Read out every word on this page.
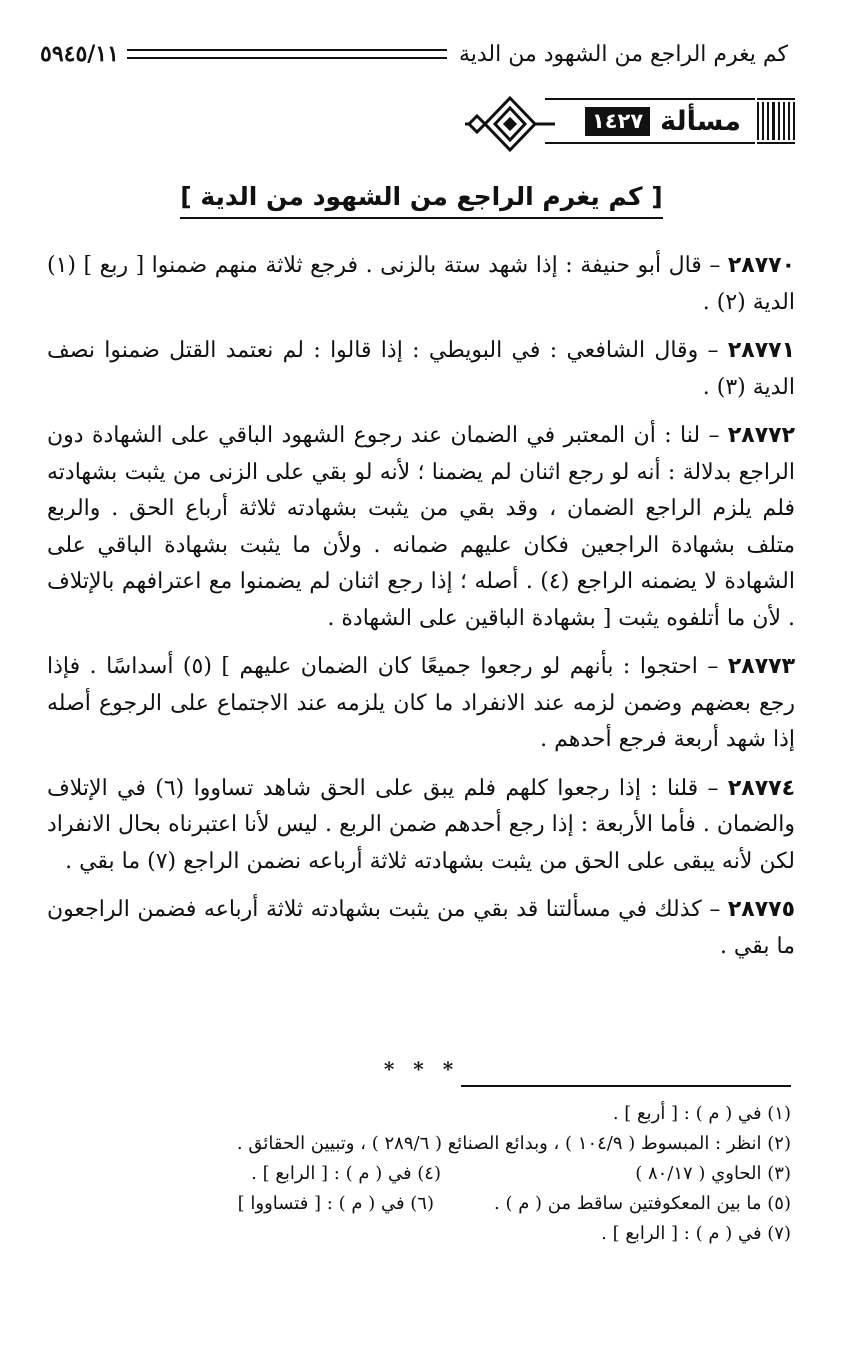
كم يغرم الراجع من الشهود من الدية
٥٩٤٥/١١
مسألة
١٤٢٧
[ كم يغرم الراجع من الشهود من الدية ]

٢٨٧٧٠ – قال أبو حنيفة : إذا شهد ستة بالزنى . فرجع ثلاثة منهم ضمنوا [ ربع ] (١) الدية (٢) .

٢٨٧٧١ – وقال الشافعي : في البويطي : إذا قالوا : لم نعتمد القتل ضمنوا نصف الدية (٣) .

٢٨٧٧٢ – لنا : أن المعتبر في الضمان عند رجوع الشهود الباقي على الشهادة دون الراجع بدلالة : أنه لو رجع اثنان لم يضمنا ؛ لأنه لو بقي على الزنى من يثبت بشهادته فلم يلزم الراجع الضمان ، وقد بقي من يثبت بشهادته ثلاثة أرباع الحق . والربع متلف بشهادة الراجعين فكان عليهم ضمانه . ولأن ما يثبت بشهادة الباقي على الشهادة لا يضمنه الراجع (٤) . أصله ؛ إذا رجع اثنان لم يضمنوا مع اعترافهم بالإتلاف . لأن ما أتلفوه يثبت [ بشهادة الباقين على الشهادة .

٢٨٧٧٣ – احتجوا : بأنهم لو رجعوا جميعًا كان الضمان عليهم ] (٥) أسداسًا . فإذا رجع بعضهم وضمن لزمه عند الانفراد ما كان يلزمه عند الاجتماع على الرجوع أصله إذا شهد أربعة فرجع أحدهم .

٢٨٧٧٤ – قلنا : إذا رجعوا كلهم فلم يبق على الحق شاهد تساووا (٦) في الإتلاف والضمان . فأما الأربعة : إذا رجع أحدهم ضمن الربع . ليس لأنا اعتبرناه بحال الانفراد لكن لأنه يبقى على الحق من يثبت بشهادته ثلاثة أرباعه نضمن الراجع (٧) ما بقي .

٢٨٧٧٥ – كذلك في مسألتنا قد بقي من يثبت بشهادته ثلاثة أرباعه فضمن الراجعون ما بقي .

* * *
(١) في ( م ) : [ أربع ] .
(٢) انظر : المبسوط ( ١٠٤/٩ ) ، وبدائع الصنائع ( ٢٨٩/٦ ) ، وتبيين الحقائق .
(٣) الحاوي ( ٨٠/١٧ )
(٤) في ( م ) : [ الرابع ] .
(٥) ما بين المعكوفتين ساقط من ( م ) .
(٦) في ( م ) : [ فتساووا ]
(٧) في ( م ) : [ الرابع ] .
